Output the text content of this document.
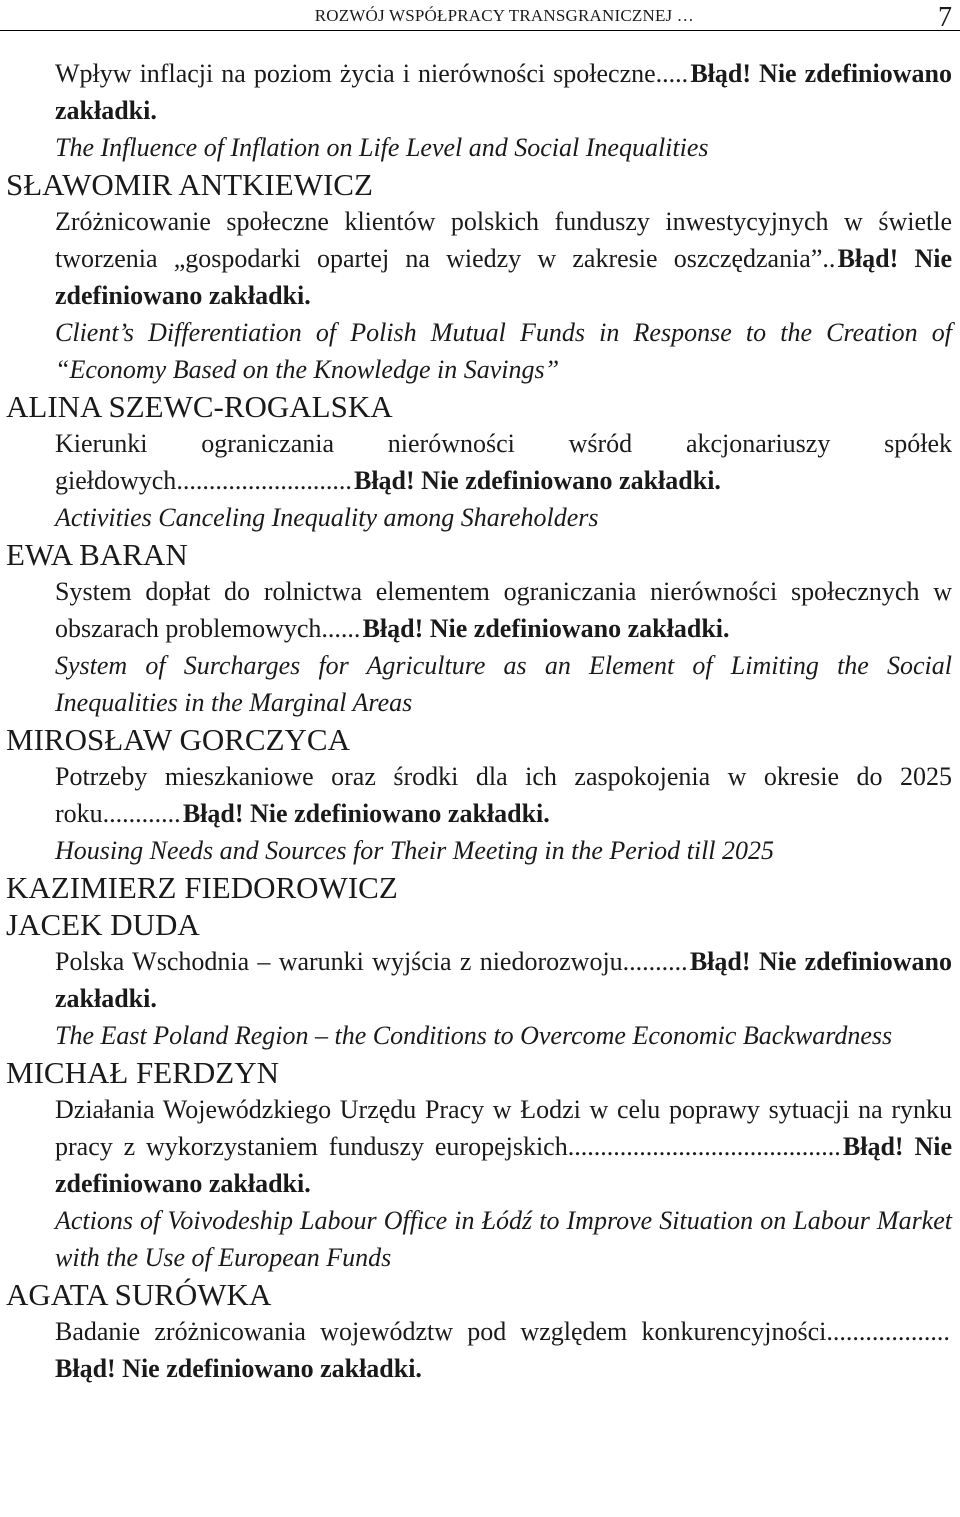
ROZWÓJ WSPÓŁPRACY TRANSGRANICZNEJ …	7
Wpływ inflacji na poziom życia i nierówności społeczne..... Błąd! Nie zdefiniowano zakładki.
The Influence of Inflation on Life Level and Social Inequalities
SŁAWOMIR ANTKIEWICZ
Zróżnicowanie społeczne klientów polskich funduszy inwestycyjnych w świetle tworzenia „gospodarki opartej na wiedzy w zakresie oszczędzania”.. Błąd! Nie zdefiniowano zakładki.
Client’s Differentiation of Polish Mutual Funds in Response to the Creation of “Economy Based on the Knowledge in Savings”
ALINA SZEWC-ROGALSKA
Kierunki ograniczania nierówności wśród akcjonariuszy spółek giełdowych........................... Błąd! Nie zdefiniowano zakładki.
Activities Canceling Inequality among Shareholders
EWA BARAN
System dopłat do rolnictwa elementem ograniczania nierówności społecznych w obszarach problemowych...... Błąd! Nie zdefiniowano zakładki.
System of Surcharges for Agriculture as an Element of Limiting the Social Inequalities in the Marginal Areas
MIROSŁAW GORCZYCA
Potrzeby mieszkaniowe oraz środki dla ich zaspokojenia w okresie do 2025 roku............ Błąd! Nie zdefiniowano zakładki.
Housing Needs and Sources for Their Meeting in the Period till 2025
KAZIMIERZ FIEDOROWICZ
JACEK DUDA
Polska Wschodnia – warunki wyjścia z niedorozwoju.......... Błąd! Nie zdefiniowano zakładki.
The East Poland Region – the Conditions to Overcome Economic Backwardness
MICHAŁ FERDZYN
Działania Wojewódzkiego Urzędu Pracy w Łodzi w celu poprawy sytuacji na rynku pracy z wykorzystaniem funduszy europejskich.......................................... Błąd! Nie zdefiniowano zakładki.
Actions of Voivodeship Labour Office in Łódź to Improve Situation on Labour Market with the Use of European Funds
AGATA SURÓWKA
Badanie zróżnicowania województw pod względem konkurencyjności................... Błąd! Nie zdefiniowano zakładki.
